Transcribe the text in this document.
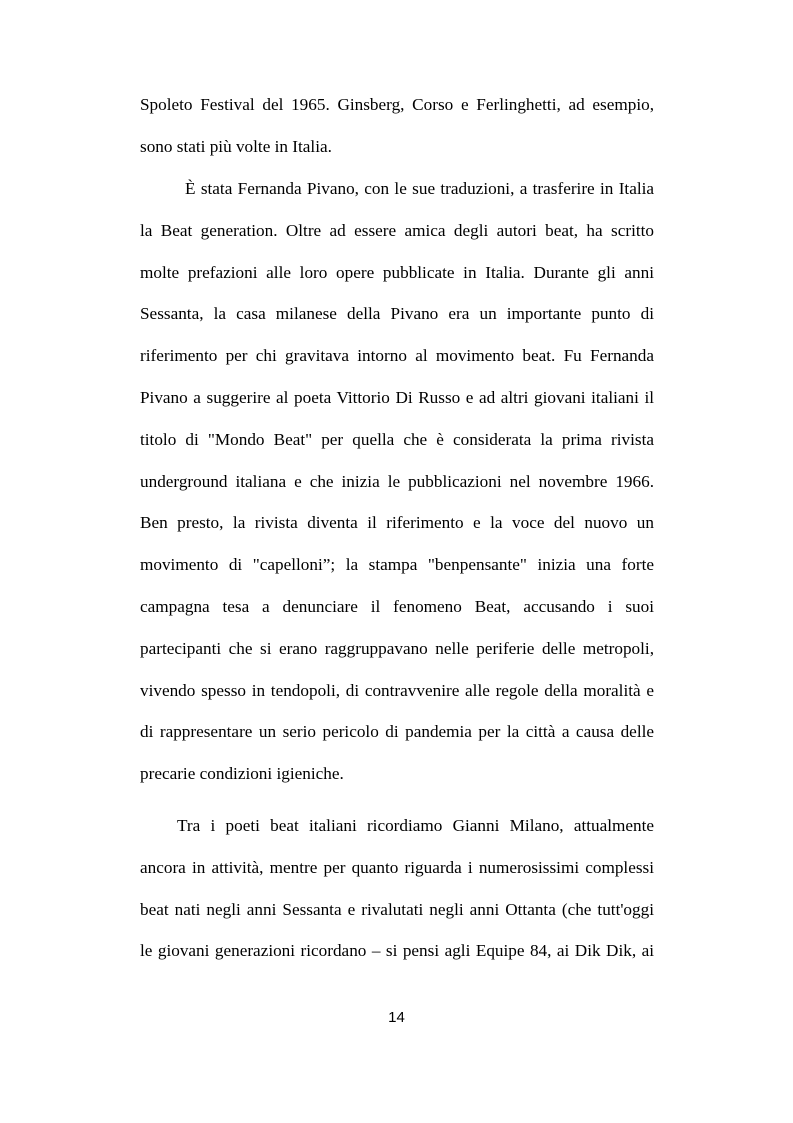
Spoleto Festival del 1965. Ginsberg, Corso e Ferlinghetti, ad esempio,
sono stati più volte in Italia.
È stata Fernanda Pivano, con le sue traduzioni, a trasferire in Italia
la Beat generation. Oltre ad essere amica degli autori beat, ha scritto
molte prefazioni alle loro opere pubblicate in Italia. Durante gli anni
Sessanta, la casa milanese della Pivano era un importante punto di
riferimento per chi gravitava intorno al movimento beat. Fu Fernanda
Pivano a suggerire al poeta Vittorio Di Russo e ad altri giovani italiani il
titolo di "Mondo Beat" per quella che è considerata la prima rivista
underground italiana e che inizia le pubblicazioni nel novembre 1966.
Ben presto, la rivista diventa il riferimento e la voce del nuovo un
movimento di "capelloni”; la stampa "benpensante" inizia una forte
campagna tesa a denunciare il fenomeno Beat, accusando i suoi
partecipanti che si erano raggruppavano nelle periferie delle metropoli,
vivendo spesso in tendopoli, di contravvenire alle regole della moralità e
di rappresentare un serio pericolo di pandemia per la città a causa delle
precarie condizioni igieniche.
Tra i poeti beat italiani ricordiamo Gianni Milano, attualmente
ancora in attività, mentre per quanto riguarda i numerosissimi complessi
beat nati negli anni Sessanta e rivalutati negli anni Ottanta (che tutt'oggi
le giovani generazioni ricordano – si pensi agli Equipe 84, ai Dik Dik, ai
14
